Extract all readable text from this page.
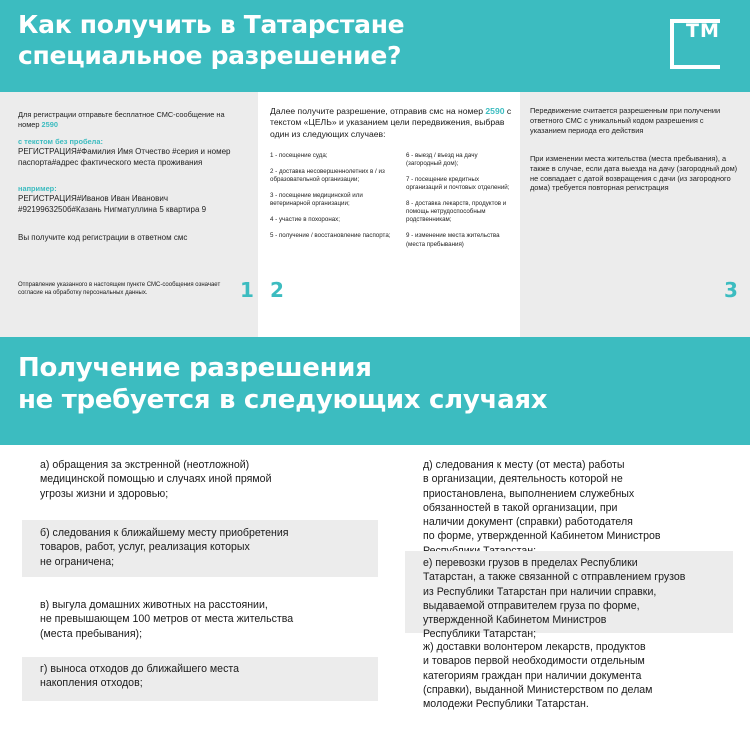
Как получить в Татарстане
специальное разрешение?
ТМ
Для регистрации отправьте бесплатное СМС-сообщение на номер 2590
с текстом без пробела:
РЕГИСТРАЦИЯ#Фамилия Имя Отчество #серия и номер паспорта#адрес фактического места проживания
например:
РЕГИСТРАЦИЯ#Иванов Иван Иванович #9219963250б#Казань Нигматуллина 5 квартира 9
Вы получите код регистрации в ответном смс
Отправление указанного в настоящем пункте СМС-сообщения означает согласие на обработку персональных данных.	1
Далее получите разрешение, отправив смс на номер 2590 с текстом «ЦЕЛЬ» и указанием цели передвижения, выбрав один из следующих случаев:
1 - посещение суда;
2 - доставка несовершеннолетних в / из образовательной организации;
3 - посещение медицинской или ветеринарной организации;
4 - участие в похоронах;
5 - получение / восстановление паспорта;
6 - выезд / въезд на дачу (загородный дом);
7 - посещение кредитных организаций и почтовых отделений;
8 - доставка лекарств, продуктов и помощь нетрудоспособным родственникам;
9 - изменение места жительства (места пребывания)
2
Передвижение считается разрешенным при получении ответного СМС с уникальный кодом разрешения с указанием периода его действия
При изменении места жительства (места пребывания), а также в случае, если дата выезда на дачу (загородный дом) не совпадает с датой возвращения с дачи (из загородного дома) требуется повторная регистрация
3
Получение разрешения
не требуется в следующих случаях
ТМ
а) обращения за экстренной (неотложной)
медицинской помощью и случаях иной прямой
угрозы жизни и здоровью;
б) следования к ближайшему месту приобретения
товаров, работ, услуг, реализация которых
не ограничена;
в) выгула домашних животных на расстоянии,
не превышающем 100 метров от места жительства
(места пребывания);
г) выноса отходов до ближайшего места
накопления отходов;
д) следования к месту (от места) работы
в организации, деятельность которой не
приостановлена, выполнением служебных
обязанностей в такой организации, при
наличии документ (справки) работодателя
по форме, утвержденной Кабинетом Министров

е) перевозки грузов в пределах Республики
Татарстан, а также связанной с отправлением грузов
из Республики Татарстан при наличии справки,
выдаваемой отправителем груза по форме,
утвержденной Кабинетом Министров
Республики Татарстан;
ж) доставки волонтером лекарств, продуктов
и товаров первой необходимости отдельным
категориям граждан при наличии документа
(справки), выданной Министерством по делам
молодежи Республики Татарстан.
